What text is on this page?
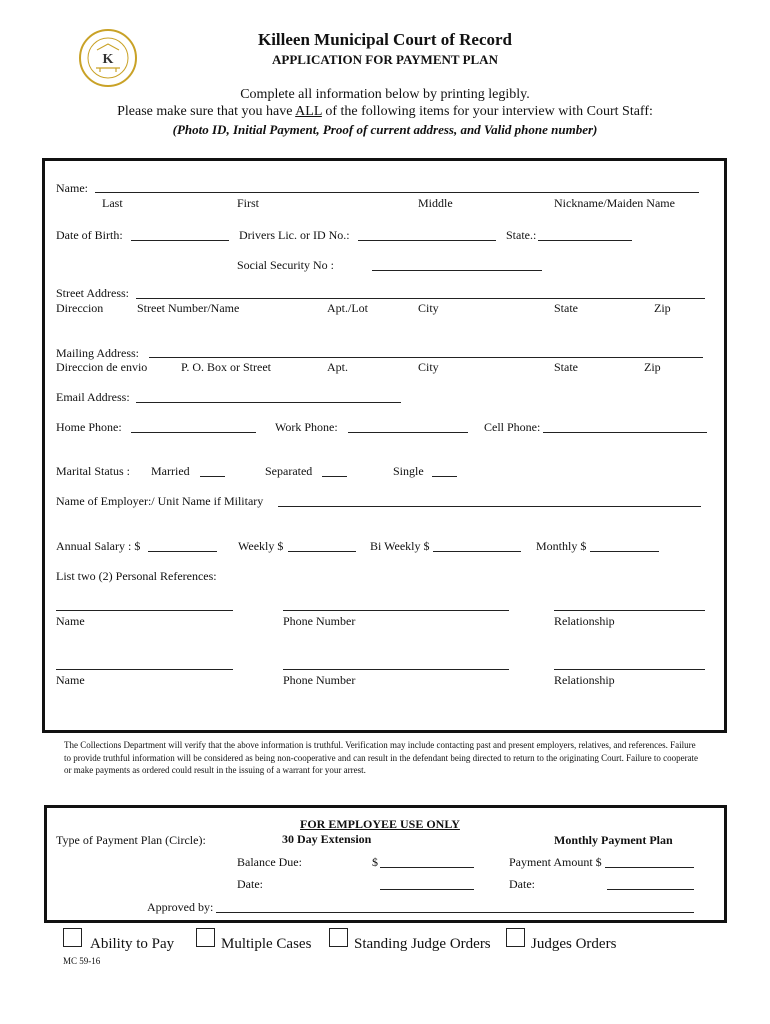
K
Killeen Municipal Court of Record
APPLICATION FOR PAYMENT PLAN
Complete all information below by printing legibly.
Please make sure that you have ALL of the following items for your interview with Court Staff:
(Photo ID, Initial Payment, Proof of current address, and Valid phone number)
Name:
Last	First	Middle	Nickname/Maiden Name
Date of Birth:	Drivers Lic. or ID No.:	State.:
Social Security No :
Street Address:
Direccion	Street Number/Name	Apt./Lot	City	State	Zip
Mailing Address:
Direccion de envio	P. O. Box or Street	Apt.	City	State	Zip
Email Address:
Home Phone:	Work Phone:	Cell Phone:
Marital Status : Married	Separated	Single
Name of Employer:/ Unit Name if Military
Annual Salary : $	Weekly $	Bi Weekly $	Monthly $
List two (2) Personal References:
Name	Phone Number	Relationship
Name	Phone Number	Relationship
The Collections Department will verify that the above information is truthful. Verification may include contacting past and present employers, relatives, and references. Failure to provide truthful information will be considered as being non-cooperative and can result in the defendant being directed to return to the originating Court. Failure to cooperate or make payments as ordered could result in the issuing of a warrant for your arrest.
FOR EMPLOYEE USE ONLY
Type of Payment Plan (Circle):	30 Day Extension	Monthly Payment Plan
Balance Due:	$	Payment Amount $
Date:	Date:
Approved by:
Ability to Pay	Multiple Cases	Standing Judge Orders	Judges Orders
MC 59-16
